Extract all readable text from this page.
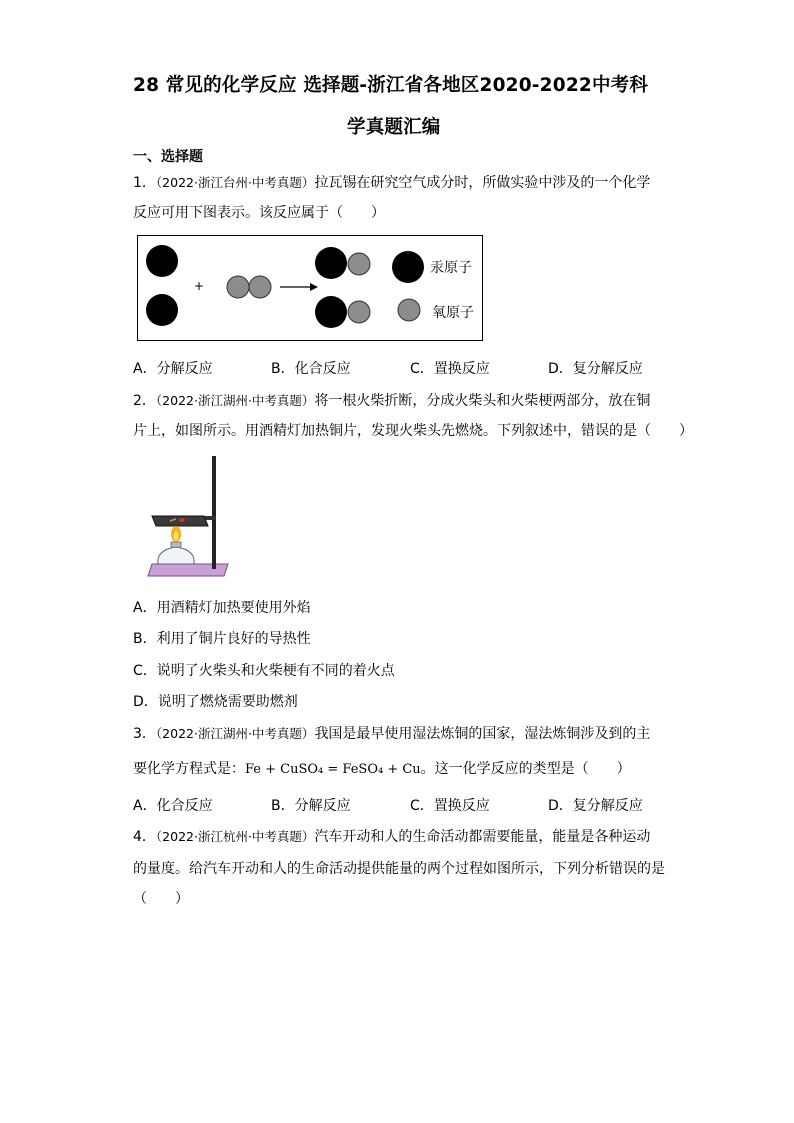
28 常见的化学反应 选择题-浙江省各地区2020-2022中考科
学真题汇编
一、选择题
1．（2022·浙江台州·中考真题）拉瓦锡在研究空气成分时，所做实验中涉及的一个化学
反应可用下图表示。该反应属于（　　）
+
汞原子
氧原子
A．分解反应	B．化合反应	C．置换反应	D．复分解反应
2．（2022·浙江湖州·中考真题）将一根火柴折断，分成火柴头和火柴梗两部分，放在铜
片上，如图所示。用酒精灯加热铜片，发现火柴头先燃烧。下列叙述中，错误的是（　　）
A．用酒精灯加热要使用外焰
B．利用了铜片良好的导热性
C．说明了火柴头和火柴梗有不同的着火点
D．说明了燃烧需要助燃剂
3．（2022·浙江湖州·中考真题）我国是最早使用湿法炼铜的国家，湿法炼铜涉及到的主
要化学方程式是：Fe + CuSO₄ = FeSO₄ + Cu。这一化学反应的类型是（　　）
A．化合反应	B．分解反应	C．置换反应	D．复分解反应
4．（2022·浙江杭州·中考真题）汽车开动和人的生命活动都需要能量，能量是各种运动
的量度。给汽车开动和人的生命活动提供能量的两个过程如图所示，下列分析错误的是
（　　）
